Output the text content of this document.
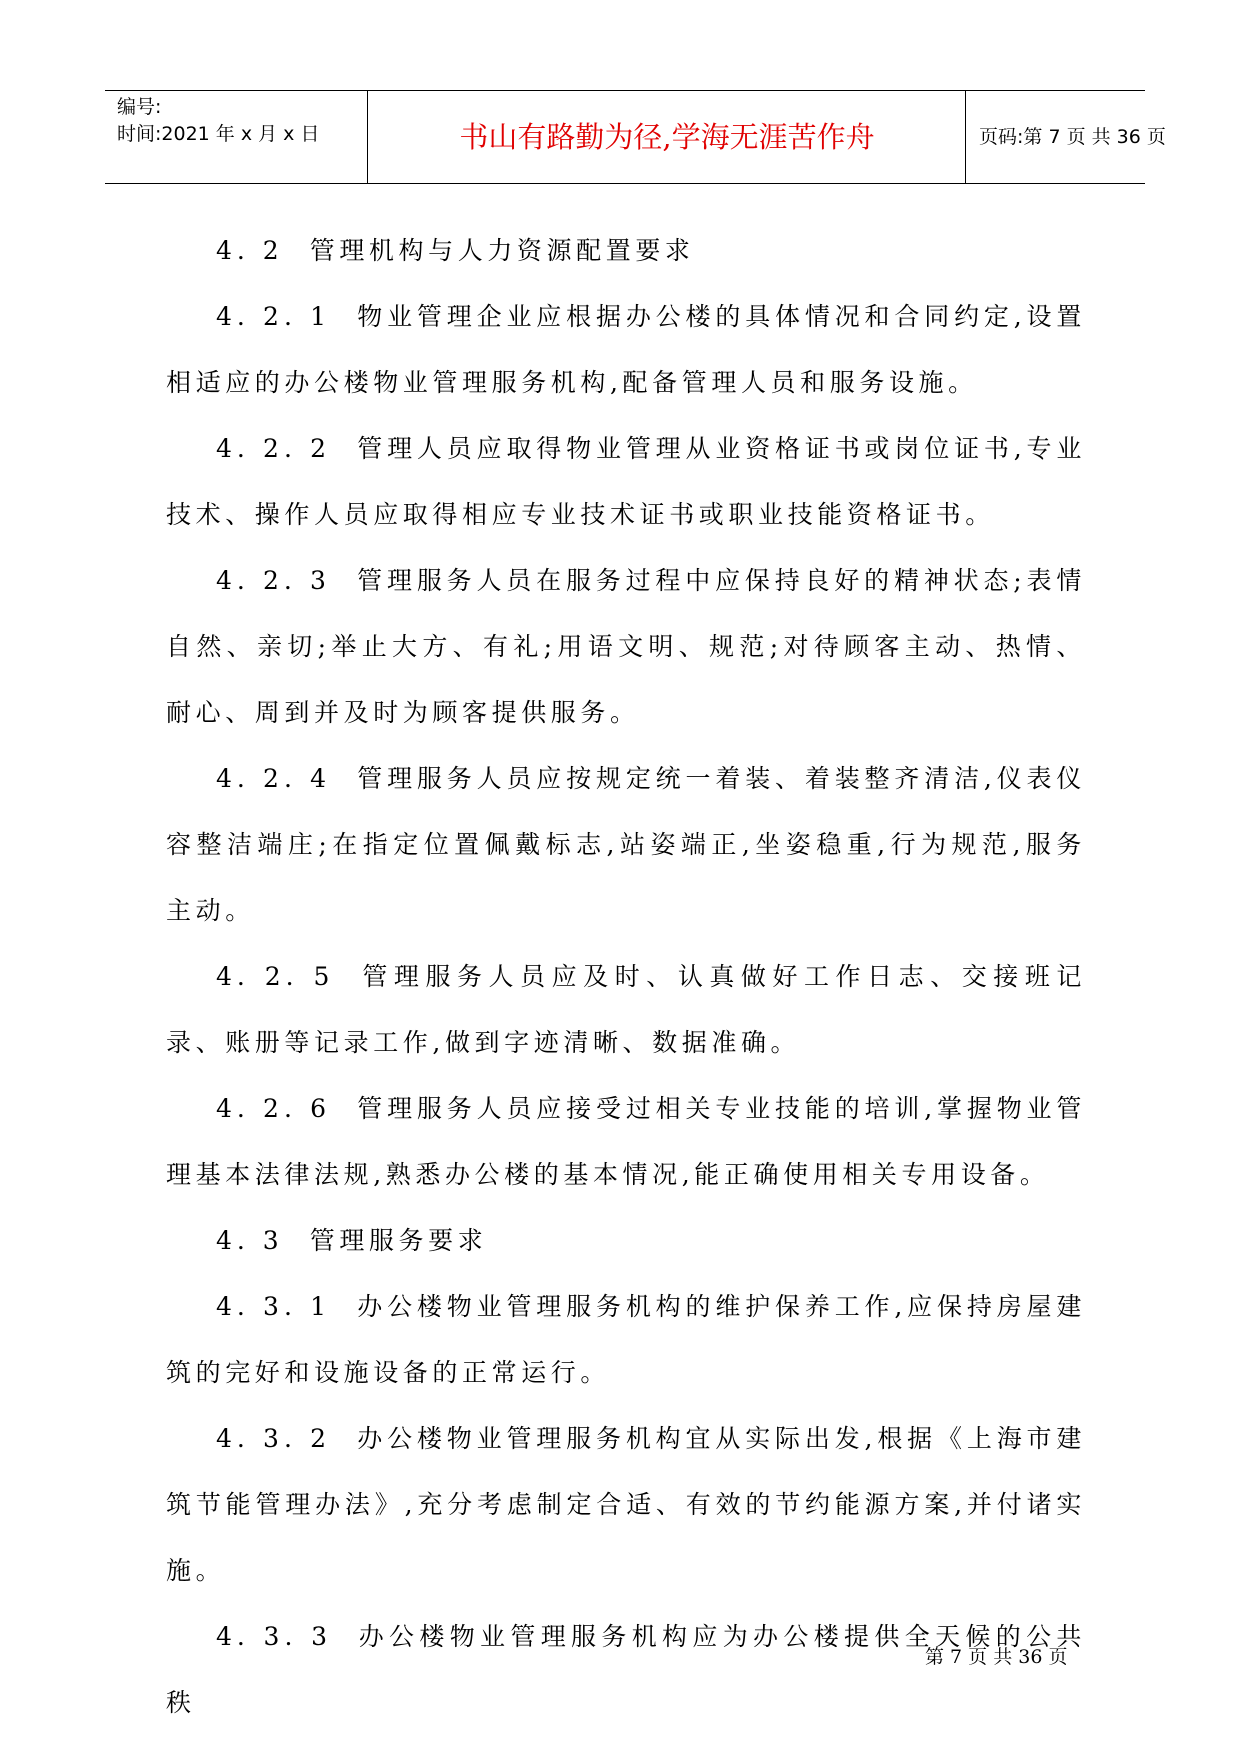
编号:
时间:2021 年 x 月 x 日	书山有路勤为径,学海无涯苦作舟	页码:第 7 页 共 36 页

4. 2 管理机构与人力资源配置要求

4. 2. 1 物业管理企业应根据办公楼的具体情况和合同约定,设置相适应的办公楼物业管理服务机构,配备管理人员和服务设施。

4. 2. 2 管理人员应取得物业管理从业资格证书或岗位证书,专业技术、操作人员应取得相应专业技术证书或职业技能资格证书。

4. 2. 3 管理服务人员在服务过程中应保持良好的精神状态;表情自然、亲切;举止大方、有礼;用语文明、规范;对待顾客主动、热情、耐心、周到并及时为顾客提供服务。

4. 2. 4 管理服务人员应按规定统一着装、着装整齐清洁,仪表仪容整洁端庄;在指定位置佩戴标志,站姿端正,坐姿稳重,行为规范,服务主动。

4. 2. 5 管理服务人员应及时、认真做好工作日志、交接班记录、账册等记录工作,做到字迹清晰、数据准确。

4. 2. 6 管理服务人员应接受过相关专业技能的培训,掌握物业管理基本法律法规,熟悉办公楼的基本情况,能正确使用相关专用设备。

4. 3 管理服务要求

4. 3. 1 办公楼物业管理服务机构的维护保养工作,应保持房屋建筑的完好和设施设备的正常运行。

4. 3. 2 办公楼物业管理服务机构宜从实际出发,根据《上海市建筑节能管理办法》,充分考虑制定合适、有效的节约能源方案,并付诸实施。

4. 3. 3 办公楼物业管理服务机构应为办公楼提供全天候的公共秩

第 7 页 共 36 页
